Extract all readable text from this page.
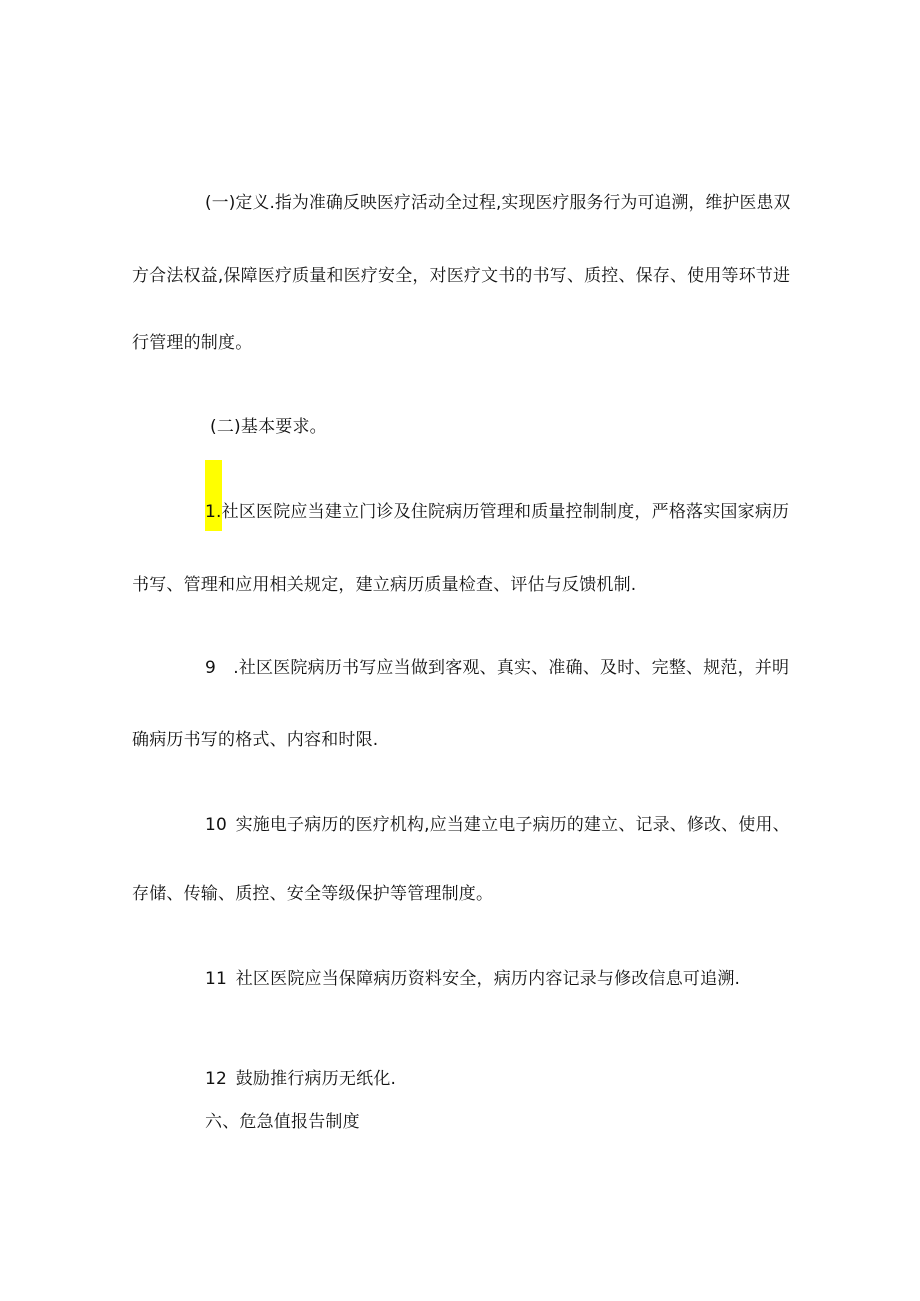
(一)定义.指为准确反映医疗活动全过程,实现医疗服务行为可追溯，维护医患双
方合法权益,保障医疗质量和医疗安全，对医疗文书的书写、质控、保存、使用等环节进
行管理的制度。
(二)基本要求。
1.社区医院应当建立门诊及住院病历管理和质量控制制度，严格落实国家病历
书写、管理和应用相关规定，建立病历质量检查、评估与反馈机制.
9 .社区医院病历书写应当做到客观、真实、准确、及时、完整、规范，并明
确病历书写的格式、内容和时限.
10 实施电子病历的医疗机构,应当建立电子病历的建立、记录、修改、使用、
存储、传输、质控、安全等级保护等管理制度。
11 社区医院应当保障病历资料安全，病历内容记录与修改信息可追溯.
12 鼓励推行病历无纸化.
六、危急值报告制度
